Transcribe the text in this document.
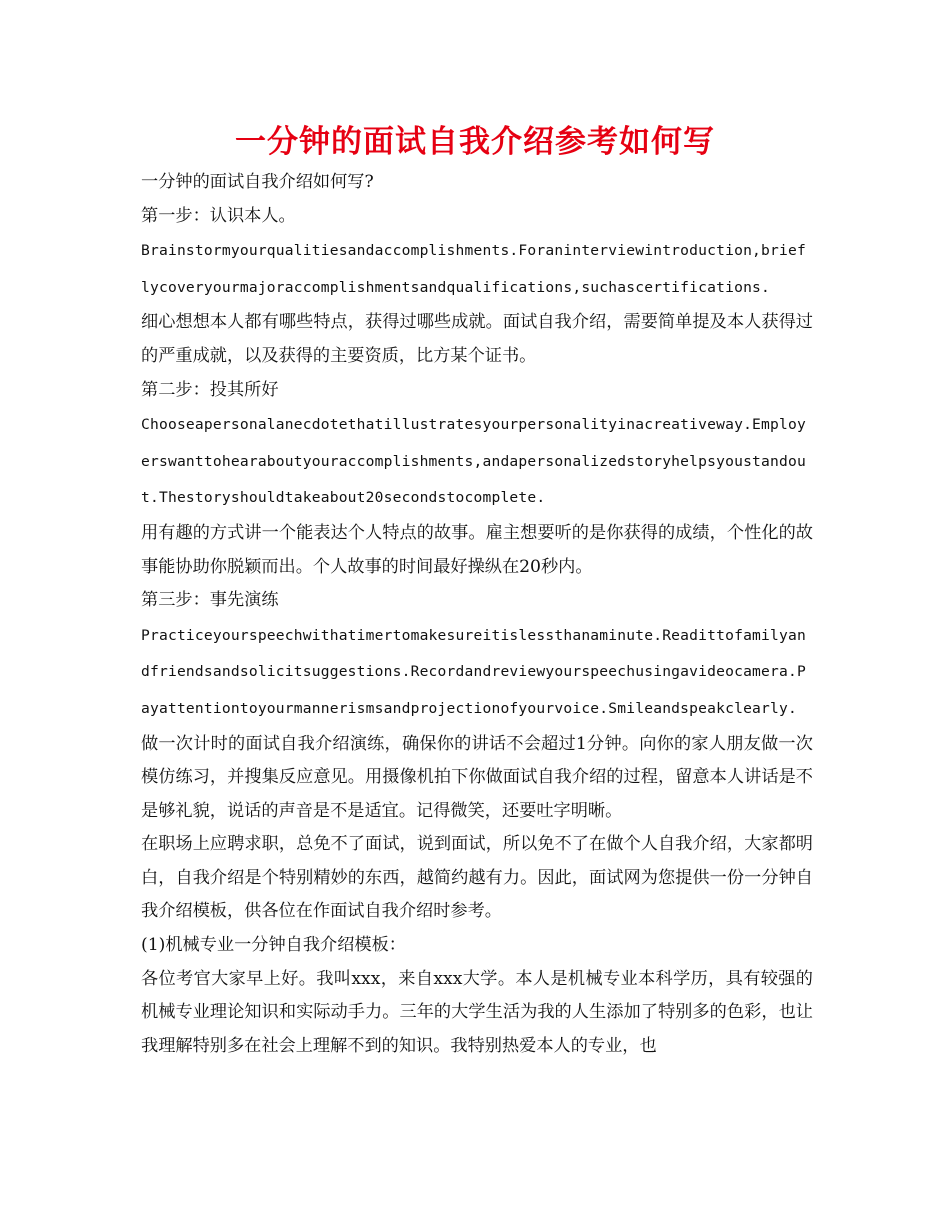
一分钟的面试自我介绍参考如何写

一分钟的面试自我介绍如何写?

第一步：认识本人。

Brainstormyourqualitiesandaccomplishments.Foraninterviewintroduction,brieflycoveryourmajoraccomplishmentsandqualifications,suchascertifications.

细心想想本人都有哪些特点，获得过哪些成就。面试自我介绍，需要简单提及本人获得过的严重成就，以及获得的主要资质，比方某个证书。

第二步：投其所好

Chooseapersonalanecdotethatillustratesyourpersonalityinacreativeway.Employerswanttohearaboutyouraccomplishments,andapersonalizedstoryhelpsyoustandout.Thestoryshouldtakeabout20secondstocomplete.

用有趣的方式讲一个能表达个人特点的故事。雇主想要听的是你获得的成绩，个性化的故事能协助你脱颖而出。个人故事的时间最好操纵在20秒内。

第三步：事先演练

Practiceyourspeechwithatimertomakesureitislessthanaminute.Readittofamilyandfriendsandsolicitsuggestions.Recordandreviewyourspeechusingavideocamera.Payattentiontoyourmannerismsandprojectionofyourvoice.Smileandspeakclearly.

做一次计时的面试自我介绍演练，确保你的讲话不会超过1分钟。向你的家人朋友做一次模仿练习，并搜集反应意见。用摄像机拍下你做面试自我介绍的过程，留意本人讲话是不是够礼貌，说话的声音是不是适宜。记得微笑，还要吐字明晰。

在职场上应聘求职，总免不了面试，说到面试，所以免不了在做个人自我介绍，大家都明白，自我介绍是个特别精妙的东西，越简约越有力。因此，面试网为您提供一份一分钟自我介绍模板，供各位在作面试自我介绍时参考。

(1)机械专业一分钟自我介绍模板：

各位考官大家早上好。我叫xxx，来自xxx大学。本人是机械专业本科学历，具有较强的机械专业理论知识和实际动手力。三年的大学生活为我的人生添加了特别多的色彩，也让我理解特别多在社会上理解不到的知识。我特别热爱本人的专业，也
